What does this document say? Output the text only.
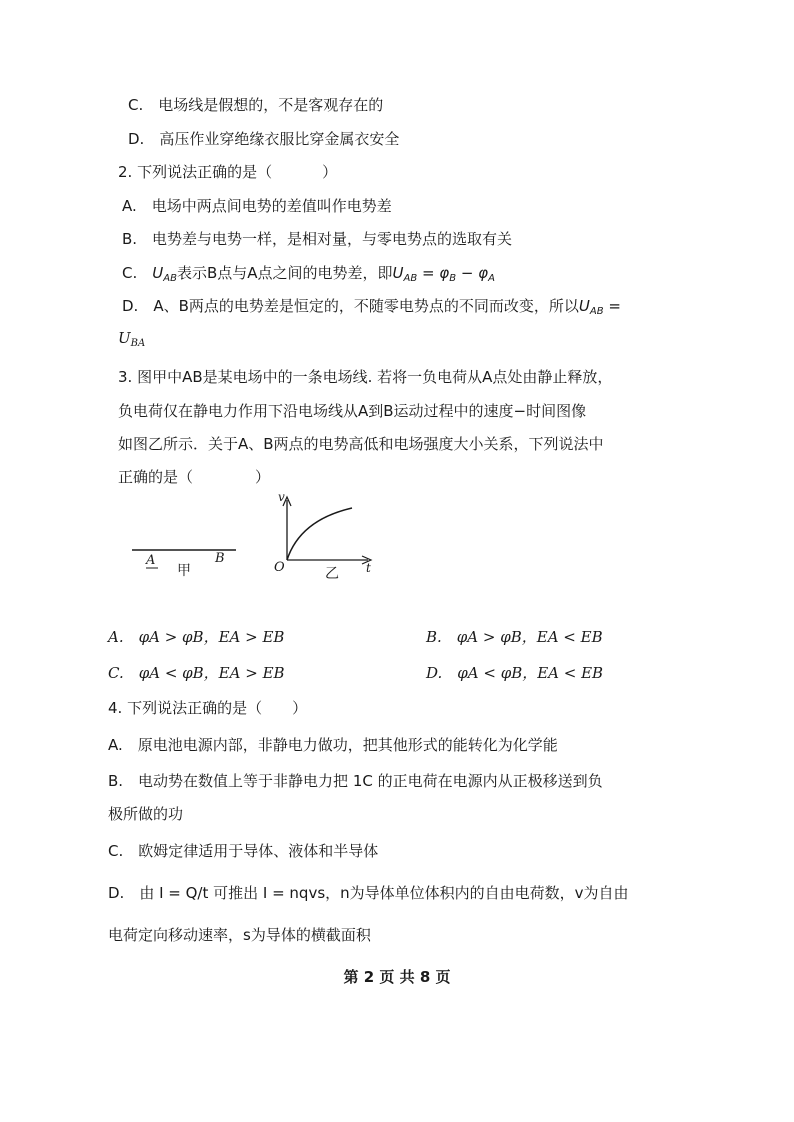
C.　电场线是假想的，不是客观存在的
D.　高压作业穿绝缘衣服比穿金属衣安全
2. 下列说法正确的是（	）
A.　电场中两点间电势的差值叫作电势差
B.　电势差与电势一样，是相对量，与零电势点的选取有关
C.　$U_{AB}$表示B点与A点之间的电势差，即$U_{AB} = \varphi_B - \varphi_A$
D.　A、B两点的电势差是恒定的，不随零电势点的不同而改变，所以$U_{AB}$ =
$U_{BA}$
3. 图甲中AB是某电场中的一条电场线. 若将一负电荷从A点处由静止释放，
负电荷仅在静电力作用下沿电场线从A到B运动过程中的速度−时间图像
如图乙所示．关于A、B两点的电势高低和电场强度大小关系，下列说法中
正确的是（	）
A	B
甲
v
t
O	乙
A.　φA > φB，EA > EB	B.　φA > φB，EA < EB
C.　φA < φB，EA > EB	D.　φA < φB，EA < EB
4. 下列说法正确的是（　　）
A.　原电池电源内部，非静电力做功，把其他形式的能转化为化学能
B.　电动势在数值上等于非静电力把 1C 的正电荷在电源内从正极移送到负
极所做的功
C.　欧姆定律适用于导体、液体和半导体
D.　由 I = Q/t 可推出 I = nqvs，n为导体单位体积内的自由电荷数，v为自由
电荷定向移动速率，s为导体的横截面积
第 2 页 共 8 页
